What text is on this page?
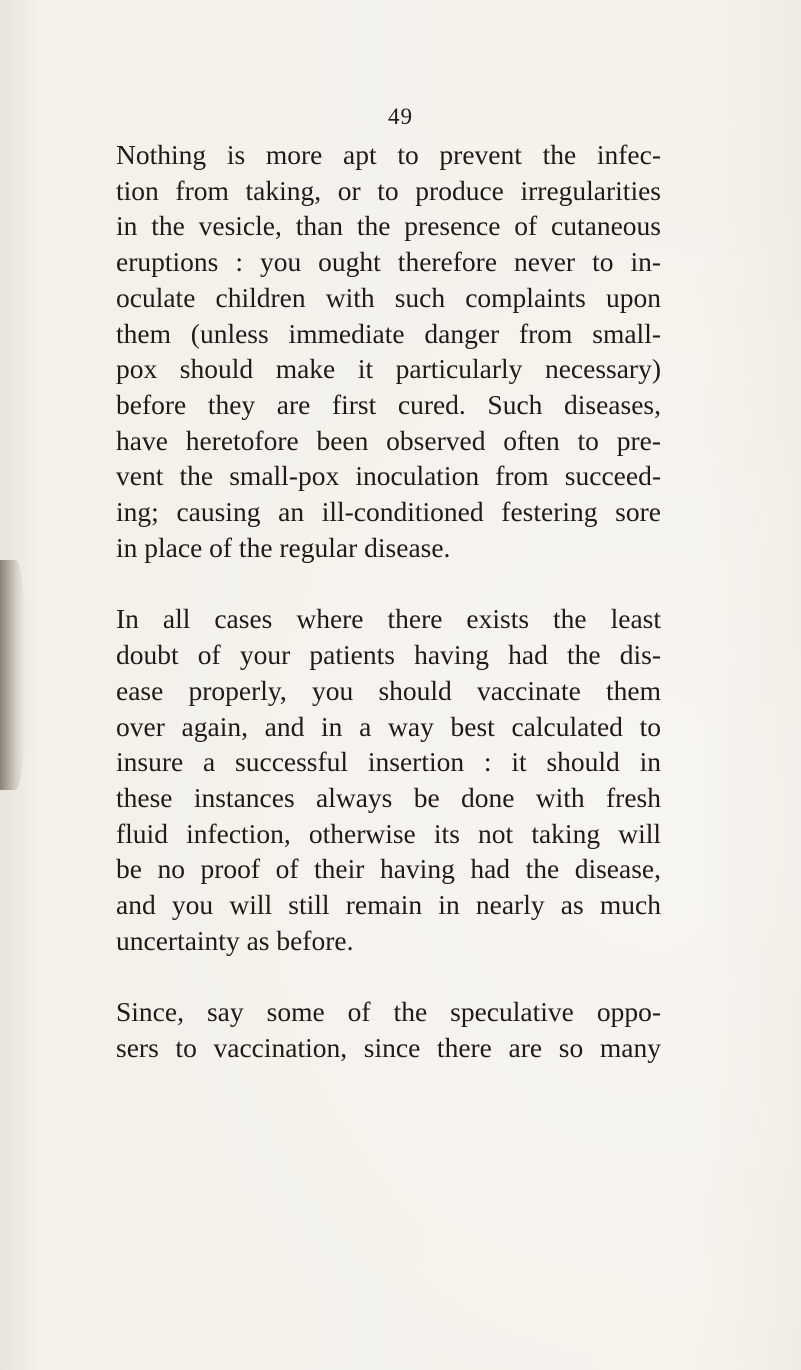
49
Nothing is more apt to prevent the infec-
tion from taking, or to produce irregularities
in the vesicle, than the presence of cutaneous
eruptions : you ought therefore never to in-
oculate children with such complaints upon
them (unless immediate danger from small-
pox should make it particularly necessary)
before they are first cured. Such diseases,
have heretofore been observed often to pre-
vent the small-pox inoculation from succeed-
ing; causing an ill-conditioned festering sore
in place of the regular disease.
In all cases where there exists the least
doubt of your patients having had the dis-
ease properly, you should vaccinate them
over again, and in a way best calculated to
insure a successful insertion : it should in
these instances always be done with fresh
fluid infection, otherwise its not taking will
be no proof of their having had the disease,
and you will still remain in nearly as much
uncertainty as before.
Since, say some of the speculative oppo-
sers to vaccination, since there are so many
